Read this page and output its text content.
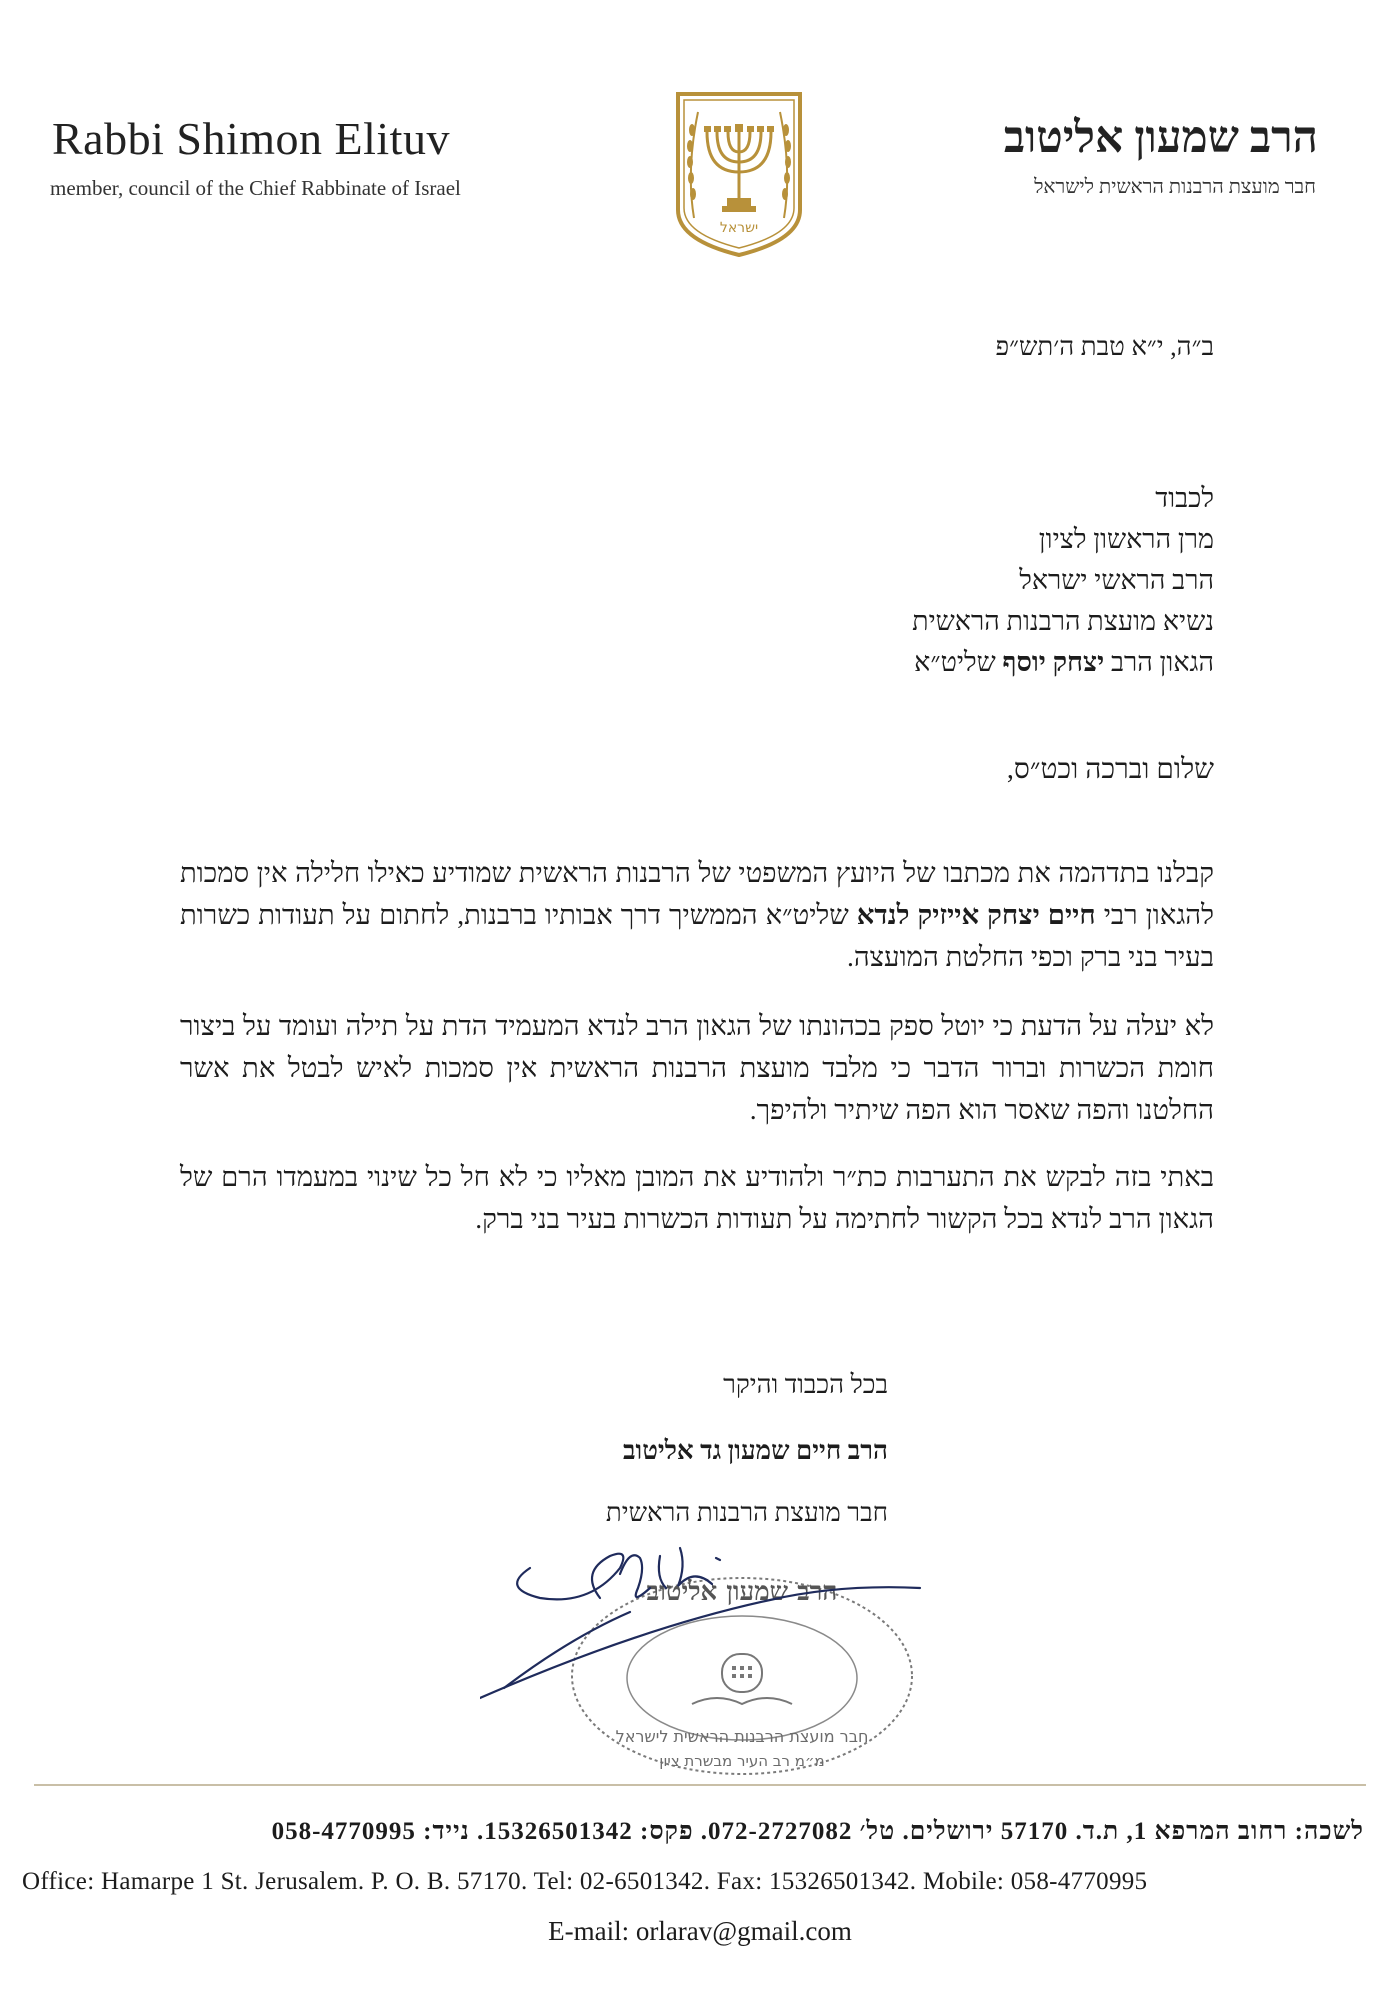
Rabbi Shimon Elituv
member, council of the Chief Rabbinate of Israel
הרב שמעון אליטוב
חבר מועצת הרבנות הראשית לישראל
ישראל
ב״ה, י״א טבת ה׳תש״פ
לכבוד
מרן הראשון לציון
הרב הראשי ישראל
נשיא מועצת הרבנות הראשית
הגאון הרב יצחק יוסף שליט״א
שלום וברכה וכט״ס,
קבלנו בתדהמה את מכתבו של היועץ המשפטי של הרבנות הראשית שמודיע כאילו חלילה אין סמכות להגאון רבי חיים יצחק אייזיק לנדא שליט״א הממשיך דרך אבותיו ברבנות, לחתום על תעודות כשרות בעיר בני ברק וכפי החלטת המועצה.
לא יעלה על הדעת כי יוטל ספק בכהונתו של הגאון הרב לנדא המעמיד הדת על תילה ועומד על ביצור חומת הכשרות וברור הדבר כי מלבד מועצת הרבנות הראשית אין סמכות לאיש לבטל את אשר החלטנו והפה שאסר הוא הפה שיתיר ולהיפך.
באתי בזה לבקש את התערבות כת״ר ולהודיע את המובן מאליו כי לא חל כל שינוי במעמדו הרם של הגאון הרב לנדא בכל הקשור לחתימה על תעודות הכשרות בעיר בני ברק.
בכל הכבוד והיקר
הרב חיים שמעון גד אליטוב
חבר מועצת הרבנות הראשית
הרב שמעון אליטוב
חבר מועצת הרבנות הראשית לישראל
מ״מ רב העיר מבשרת ציון
לשכה: רחוב המרפא 1, ת.ד. 57170 ירושלים. טל׳ 072-2727082. פקס: 15326501342. נייד: 058-4770995
Office: Hamarpe 1 St. Jerusalem. P. O. B. 57170. Tel: 02-6501342. Fax: 15326501342. Mobile: 058-4770995
E-mail: orlarav@gmail.com
